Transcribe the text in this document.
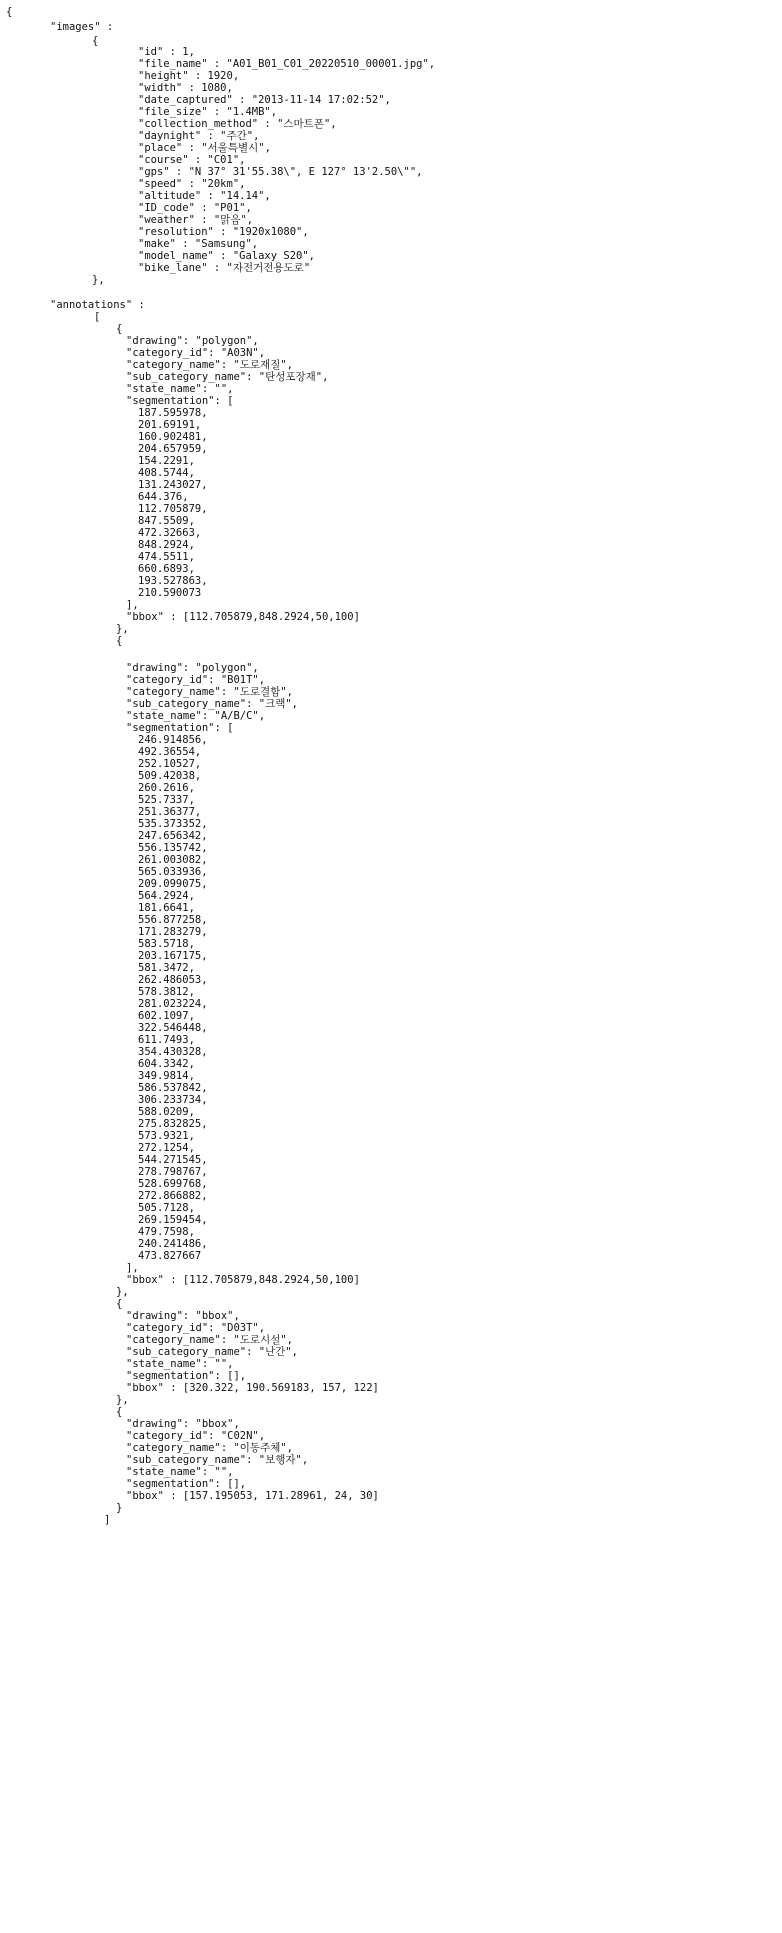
{
"images" :
{
"id" : 1,
"file_name" : "A01_B01_C01_20220510_00001.jpg",
"height" : 1920,
"width" : 1080,
"date_captured" : "2013-11-14 17:02:52",
"file_size" : "1.4MB",
"collection_method" : "스마트폰",
"daynight" : "주간",
"place" : "서울특별시",
"course" : "C01",
"gps" : "N 37° 31'55.38\", E 127° 13'2.50\"",
"speed" : "20km",
"altitude" : "14.14",
"ID_code" : "P01",
"weather" : "맑음",
"resolution" : "1920x1080",
"make" : "Samsung",
"model_name" : "Galaxy S20",
"bike_lane" : "자전거전용도로"
},
"annotations" :
[
{
"drawing": "polygon",
"category_id": "A03N",
"category_name": "도로재질",
"sub_category_name": "탄성포장재",
"state_name": "",
"segmentation": [
187.595978,
201.69191,
160.902481,
204.657959,
154.2291,
408.5744,
131.243027,
644.376,
112.705879,
847.5509,
472.32663,
848.2924,
474.5511,
660.6893,
193.527863,
210.590073
],
"bbox" : [112.705879,848.2924,50,100]
},
{
"drawing": "polygon",
"category_id": "B01T",
"category_name": "도로결함",
"sub_category_name": "크랙",
"state_name": "A/B/C",
"segmentation": [
246.914856,
492.36554,
252.10527,
509.42038,
260.2616,
525.7337,
251.36377,
535.373352,
247.656342,
556.135742,
261.003082,
565.033936,
209.099075,
564.2924,
181.6641,
556.877258,
171.283279,
583.5718,
203.167175,
581.3472,
262.486053,
578.3812,
281.023224,
602.1097,
322.546448,
611.7493,
354.430328,
604.3342,
349.9814,
586.537842,
306.233734,
588.0209,
275.832825,
573.9321,
272.1254,
544.271545,
278.798767,
528.699768,
272.866882,
505.7128,
269.159454,
479.7598,
240.241486,
473.827667
],
"bbox" : [112.705879,848.2924,50,100]
},
{
"drawing": "bbox",
"category_id": "D03T",
"category_name": "도로시설",
"sub_category_name": "난간",
"state_name": "",
"segmentation": [],
"bbox" : [320.322, 190.569183, 157, 122]
},
{
"drawing": "bbox",
"category_id": "C02N",
"category_name": "이동주체",
"sub_category_name": "보행자",
"state_name": "",
"segmentation": [],
"bbox" : [157.195053, 171.28961, 24, 30]
}
]
